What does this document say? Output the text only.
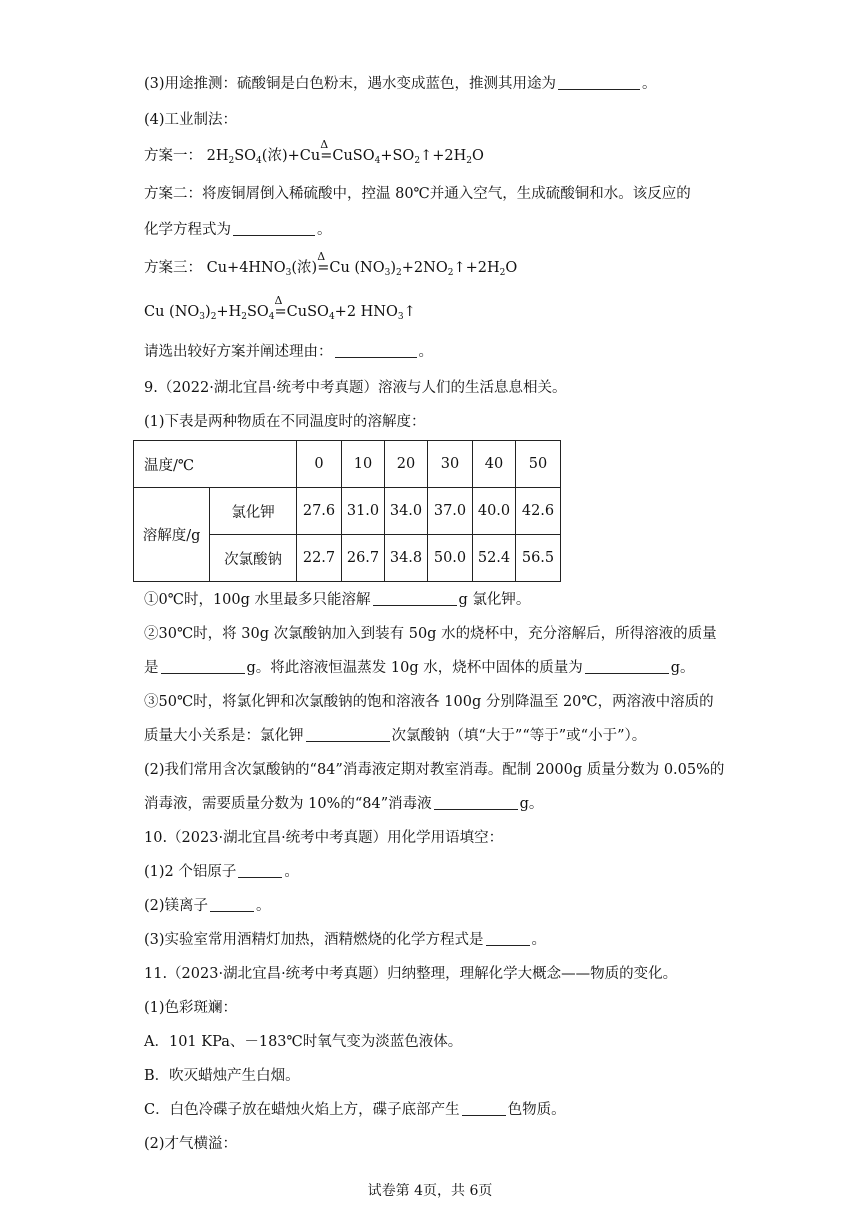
(3)用途推测：硫酸铜是白色粉末，遇水变成蓝色，推测其用途为	。
(4)工业制法：
方案一： $2H_2SO_4$(浓)+Cu
Δ
$=CuSO_4+SO_2↑+2H_2O$
方案二：将废铜屑倒入稀硫酸中，控温 80℃并通入空气，生成硫酸铜和水。该反应的
化学方程式为	。
方案三： $Cu+4HNO_3$(浓)
Δ
=Cu $(NO_3)_2+2NO_2↑+2H_2O$
Cu $(NO_3)_2+H_2SO_4$
Δ
=CuSO$_4$+2 $HNO_3↑$
请选出较好方案并阐述理由：	。
9.（2022·湖北宜昌·统考中考真题）溶液与人们的生活息息相关。
(1)下表是两种物质在不同温度时的溶解度：
温度/℃		0	10	20	30	40	50
溶解度/g	氯化钾	27.6	31.0	34.0	37.0	40.0	42.6
	次氯酸钠	22.7	26.7	34.8	50.0	52.4	56.5
①0℃时，100g 水里最多只能溶解	g 氯化钾。
②30℃时，将 30g 次氯酸钠加入到装有 50g 水的烧杯中，充分溶解后，所得溶液的质量
是	g。将此溶液恒温蒸发 10g 水，烧杯中固体的质量为	g。
③50℃时，将氯化钾和次氯酸钠的饱和溶液各 100g 分别降温至 20℃，两溶液中溶质的
质量大小关系是：氯化钾	次氯酸钠（填“大于”“等于”或“小于”）。
(2)我们常用含次氯酸钠的“84”消毒液定期对教室消毒。配制 2000g 质量分数为 0.05%的
消毒液，需要质量分数为 10%的“84”消毒液	g。
10.（2023·湖北宜昌·统考中考真题）用化学用语填空：
(1)2 个铝原子	。
(2)镁离子	。
(3)实验室常用酒精灯加热，酒精燃烧的化学方程式是	。
11.（2023·湖北宜昌·统考中考真题）归纳整理，理解化学大概念——物质的变化。
(1)色彩斑斓：
A．101 KPa、－183℃时氧气变为淡蓝色液体。
B．吹灭蜡烛产生白烟。
C．白色冷碟子放在蜡烛火焰上方，碟子底部产生	色物质。
(2)才气横溢：
试卷第 4页，共 6页
